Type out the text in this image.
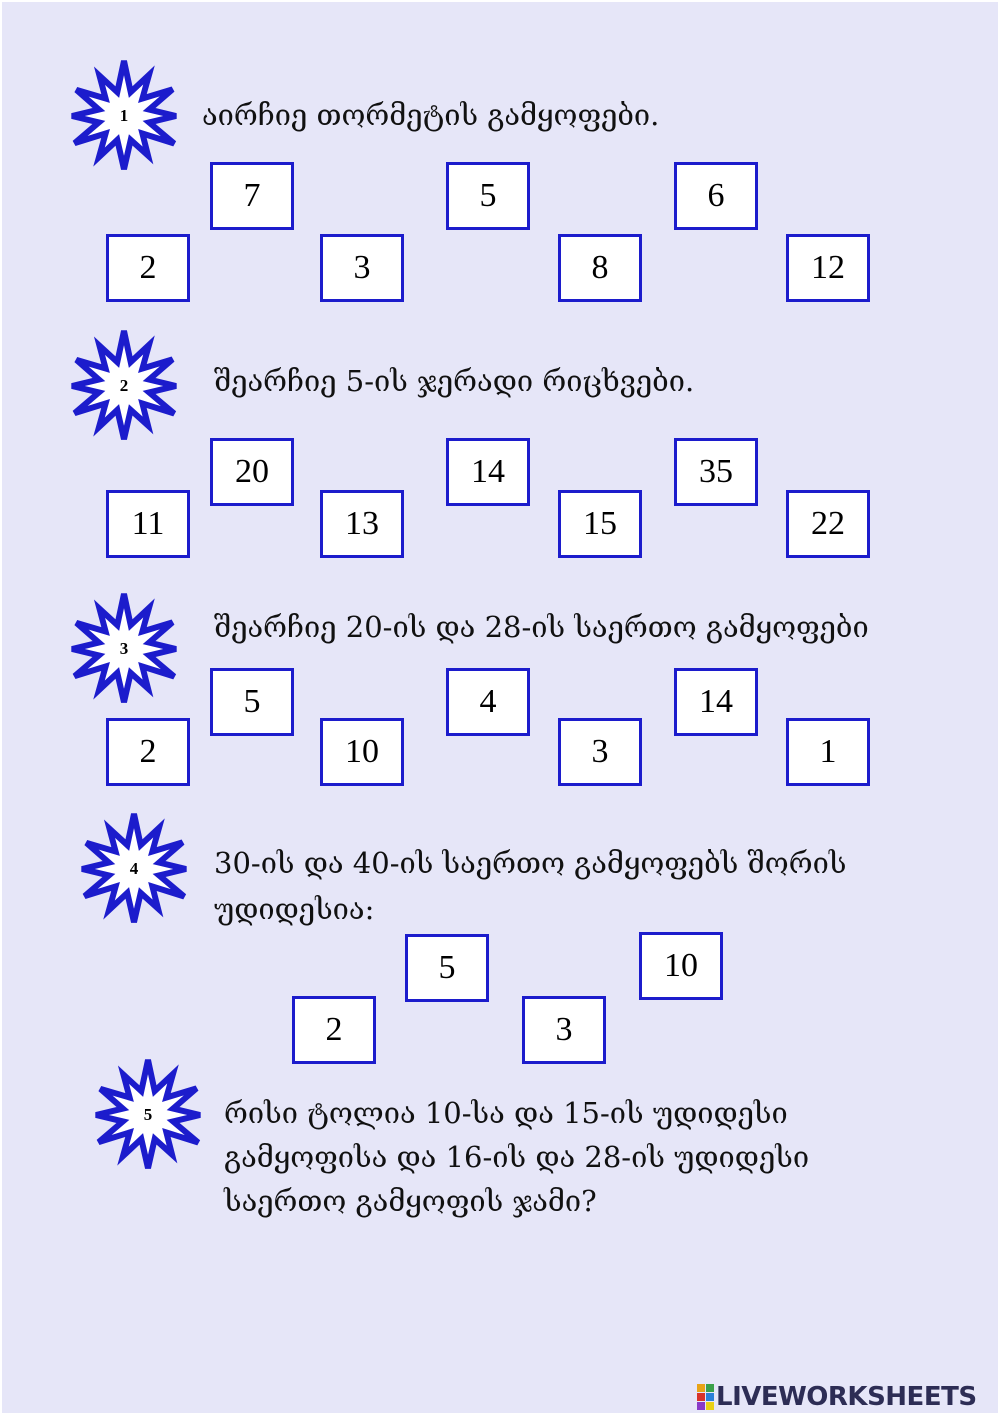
1	აირჩიე თორმეტის გამყოფები.
7	5	6
2	3	8	12
2	შეარჩიე 5-ის ჯერადი რიცხვები.
20	14	35
11	13	15	22
3
შეარჩიე 20-ის და 28-ის საერთო გამყოფები
5	4	14
2	10	3	1
4	30-ის და 40-ის საერთო გამყოფებს შორის
უდიდესია:
5	10
2	3
5	რისი ტოლია 10-სა და 15-ის უდიდესი
გამყოფისა და 16-ის და 28-ის უდიდესი
საერთო გამყოფის ჯამი?
LIVEWORKSHEETS
